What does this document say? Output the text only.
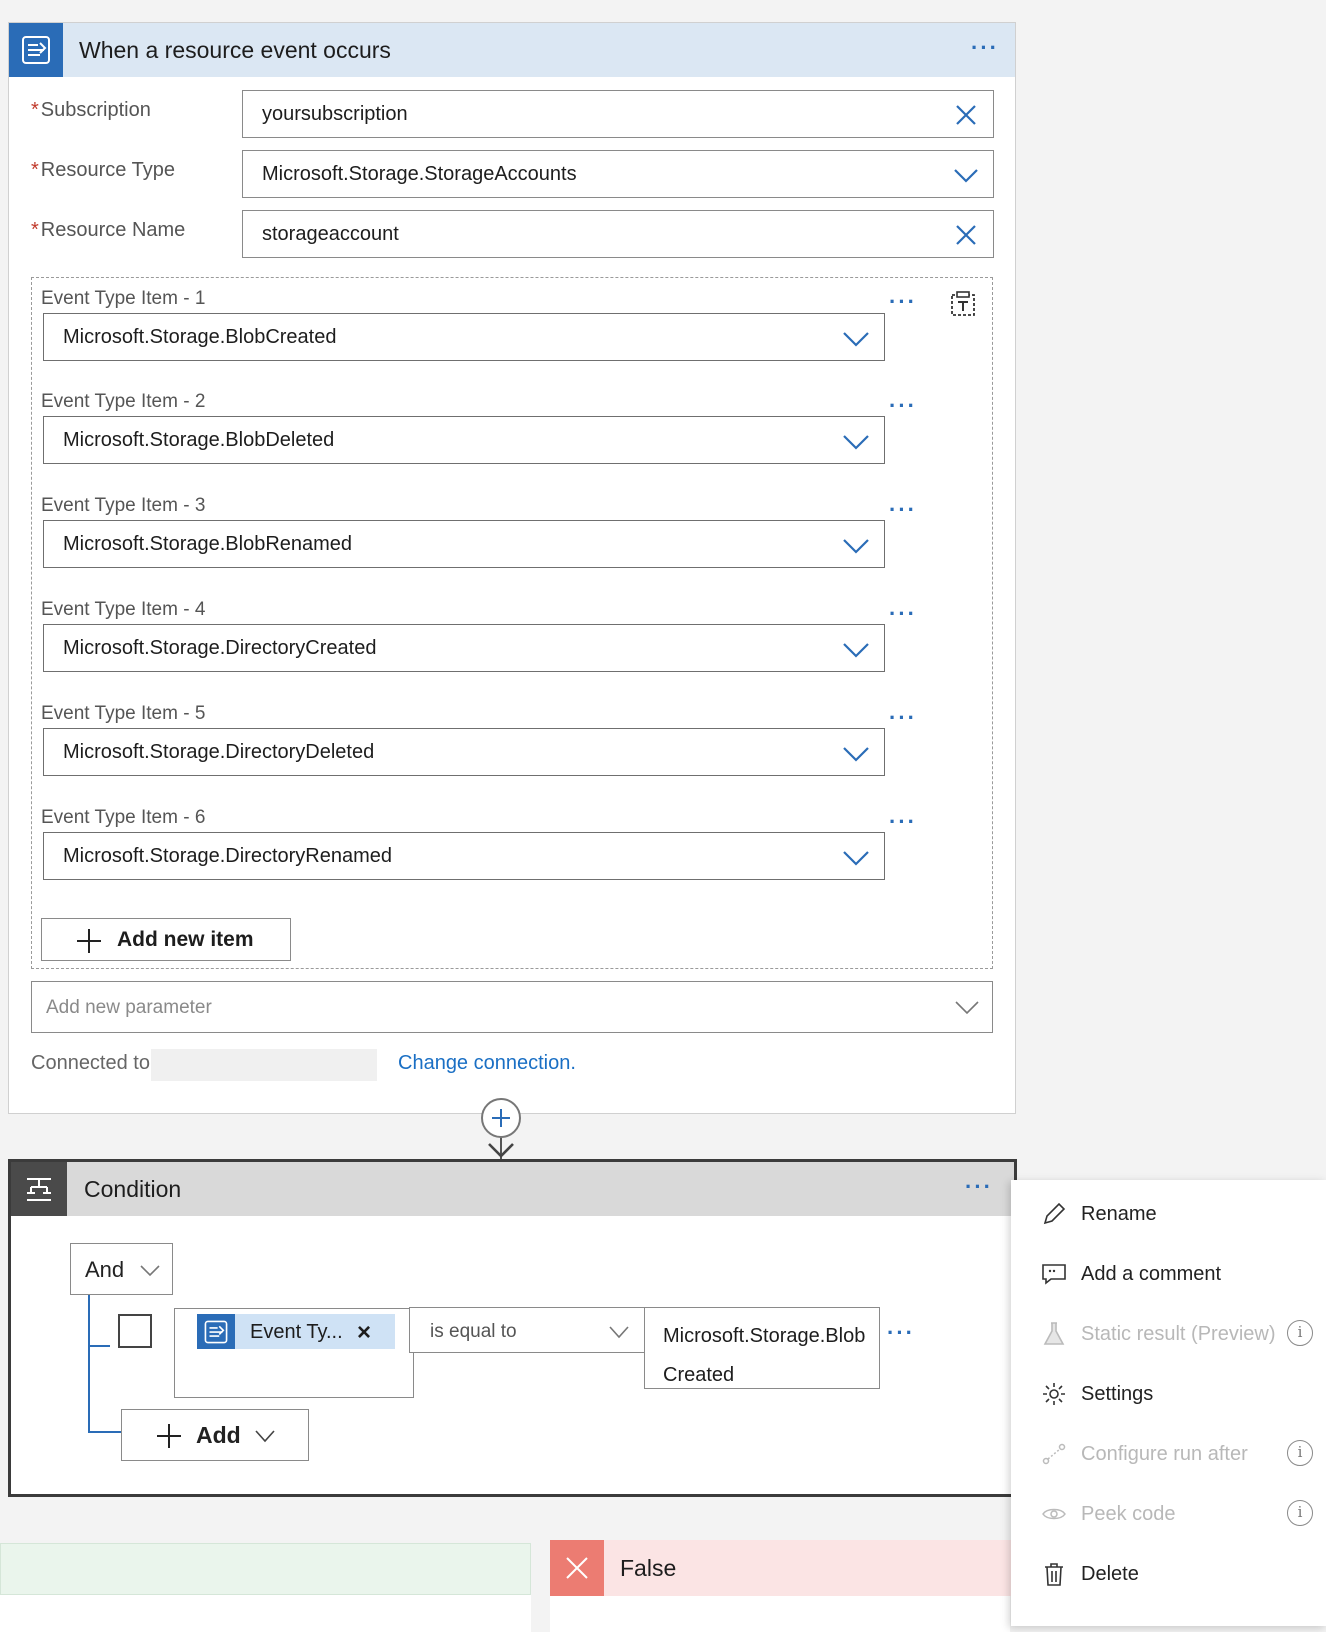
When a resource event occurs	···
* Subscription	yoursubscription
* Resource Type	Microsoft.Storage.StorageAccounts
* Resource Name	storageaccount
Event Type Item - 1
Microsoft.Storage.BlobCreated
···
Event Type Item - 2
Microsoft.Storage.BlobDeleted
···
Event Type Item - 3
Microsoft.Storage.BlobRenamed
···
Event Type Item - 4
Microsoft.Storage.DirectoryCreated
···
Event Type Item - 5
Microsoft.Storage.DirectoryDeleted
···
Event Type Item - 6
Microsoft.Storage.DirectoryRenamed
···
Add new item
Add new parameter
Connected to	Change connection.
Condition	···
And
Event Ty... ×	is equal to	Microsoft.Storage.Blob Created
···
Add
False
Rename
Add a comment
Static result (Preview)	i
Settings
Configure run after	i
Peek code	i
Delete
